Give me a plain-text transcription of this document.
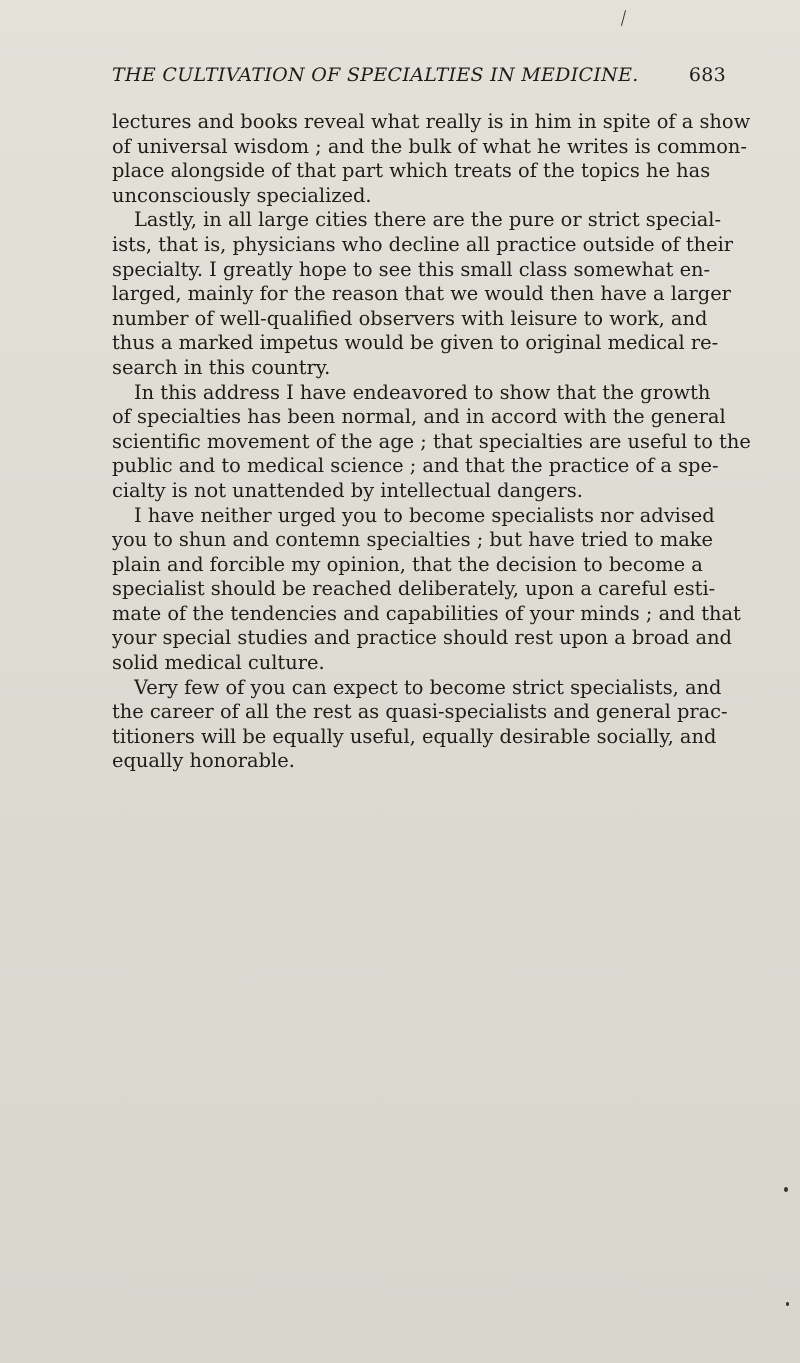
THE CULTIVATION OF SPECIALTIES IN MEDICINE.	683
lectures and books reveal what really is in him in spite of a show
of universal wisdom ; and the bulk of what he writes is common-
place alongside of that part which treats of the topics he has
unconsciously specialized.
Lastly, in all large cities there are the pure or strict special-
ists, that is, physicians who decline all practice outside of their
specialty. I greatly hope to see this small class somewhat en-
larged, mainly for the reason that we would then have a larger
number of well-qualified observers with leisure to work, and
thus a marked impetus would be given to original medical re-
search in this country.
In this address I have endeavored to show that the growth
of specialties has been normal, and in accord with the general
scientific movement of the age ; that specialties are useful to the
public and to medical science ; and that the practice of a spe-
cialty is not unattended by intellectual dangers.
I have neither urged you to become specialists nor advised
you to shun and contemn specialties ; but have tried to make
plain and forcible my opinion, that the decision to become a
specialist should be reached deliberately, upon a careful esti-
mate of the tendencies and capabilities of your minds ; and that
your special studies and practice should rest upon a broad and
solid medical culture.
Very few of you can expect to become strict specialists, and
the career of all the rest as quasi-specialists and general prac-
titioners will be equally useful, equally desirable socially, and
equally honorable.
